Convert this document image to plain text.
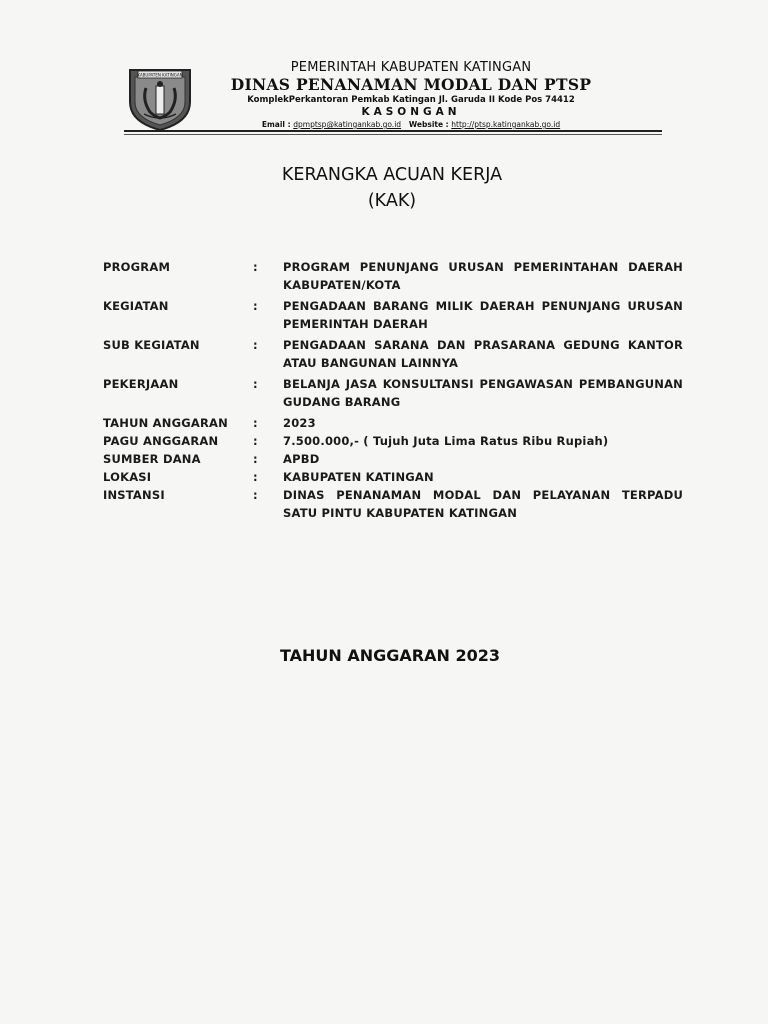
KABUPATEN KATINGAN
PEMERINTAH KABUPATEN KATINGAN
DINAS PENANAMAN MODAL DAN PTSP
KomplekPerkantoran Pemkab Katingan Jl. Garuda II Kode Pos 74412
KASONGAN
Email : dpmptsp@katingankab.go.id Website : http://ptsp.katingankab.go.id
KERANGKA ACUAN KERJA
(KAK)
PROGRAM	:	PROGRAM PENUNJANG URUSAN PEMERINTAHAN DAERAH KABUPATEN/KOTA
KEGIATAN	:	PENGADAAN BARANG MILIK DAERAH PENUNJANG URUSAN PEMERINTAH DAERAH
SUB KEGIATAN	:	PENGADAAN SARANA DAN PRASARANA GEDUNG KANTOR ATAU BANGUNAN LAINNYA
PEKERJAAN	:	BELANJA JASA KONSULTANSI PENGAWASAN PEMBANGUNAN GUDANG BARANG
TAHUN ANGGARAN	:	2023
PAGU ANGGARAN	:	7.500.000,- ( Tujuh Juta Lima Ratus Ribu Rupiah)
SUMBER DANA	:	APBD
LOKASI	:	KABUPATEN KATINGAN
INSTANSI	:	DINAS PENANAMAN MODAL DAN PELAYANAN TERPADU SATU PINTU KABUPATEN KATINGAN
TAHUN ANGGARAN 2023
